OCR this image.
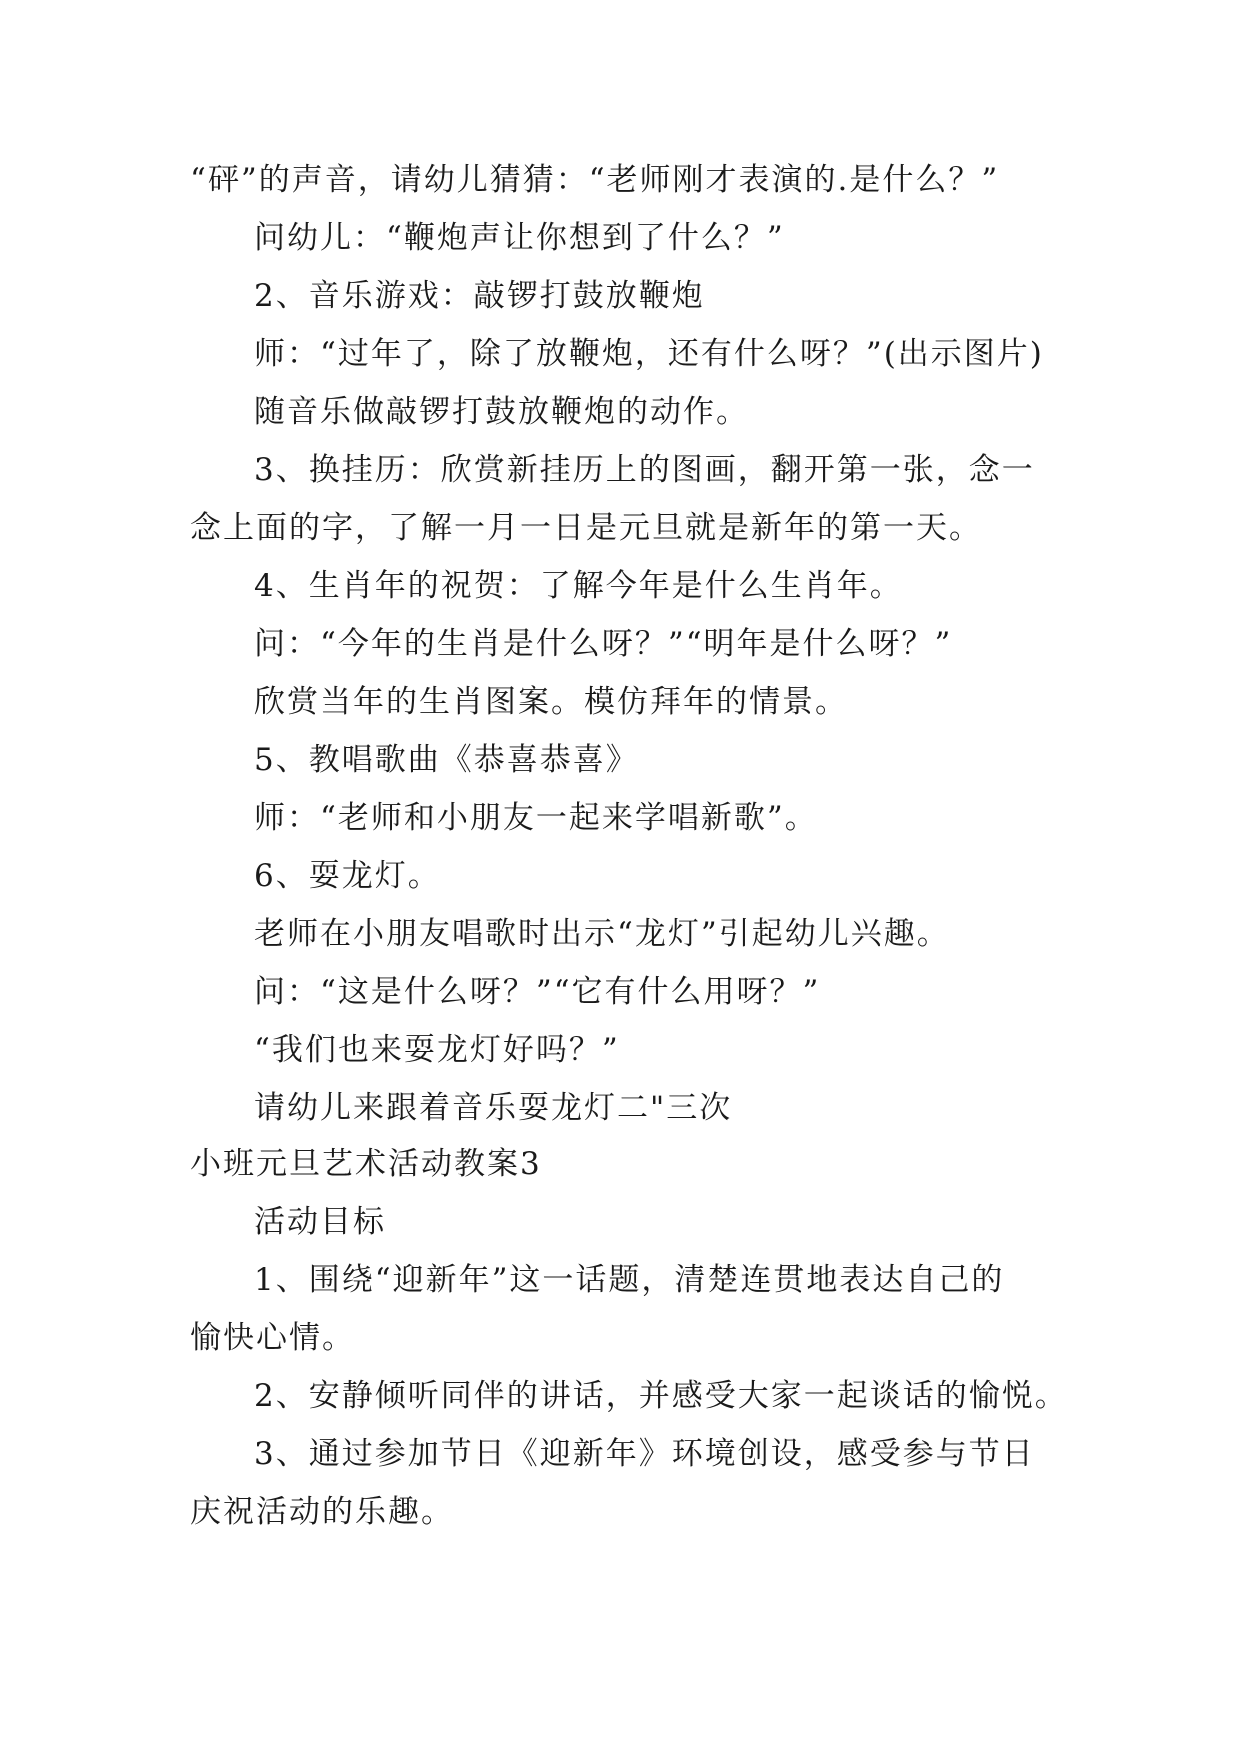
“砰”的声音，请幼儿猜猜：“老师刚才表演的.是什么？”
问幼儿：“鞭炮声让你想到了什么？”
2、音乐游戏：敲锣打鼓放鞭炮
师：“过年了，除了放鞭炮，还有什么呀？”(出示图片)
随音乐做敲锣打鼓放鞭炮的动作。
3、换挂历：欣赏新挂历上的图画，翻开第一张，念一
念上面的字，了解一月一日是元旦就是新年的第一天。
4、生肖年的祝贺：了解今年是什么生肖年。
问：“今年的生肖是什么呀？”“明年是什么呀？”
欣赏当年的生肖图案。模仿拜年的情景。
5、教唱歌曲《恭喜恭喜》
师：“老师和小朋友一起来学唱新歌”。
6、耍龙灯。
老师在小朋友唱歌时出示“龙灯”引起幼儿兴趣。
问：“这是什么呀？”“它有什么用呀？”
“我们也来耍龙灯好吗？”
请幼儿来跟着音乐耍龙灯二"三次
小班元旦艺术活动教案3
活动目标
1、围绕“迎新年”这一话题，清楚连贯地表达自己的
愉快心情。
2、安静倾听同伴的讲话，并感受大家一起谈话的愉悦。
3、通过参加节日《迎新年》环境创设，感受参与节日
庆祝活动的乐趣。
